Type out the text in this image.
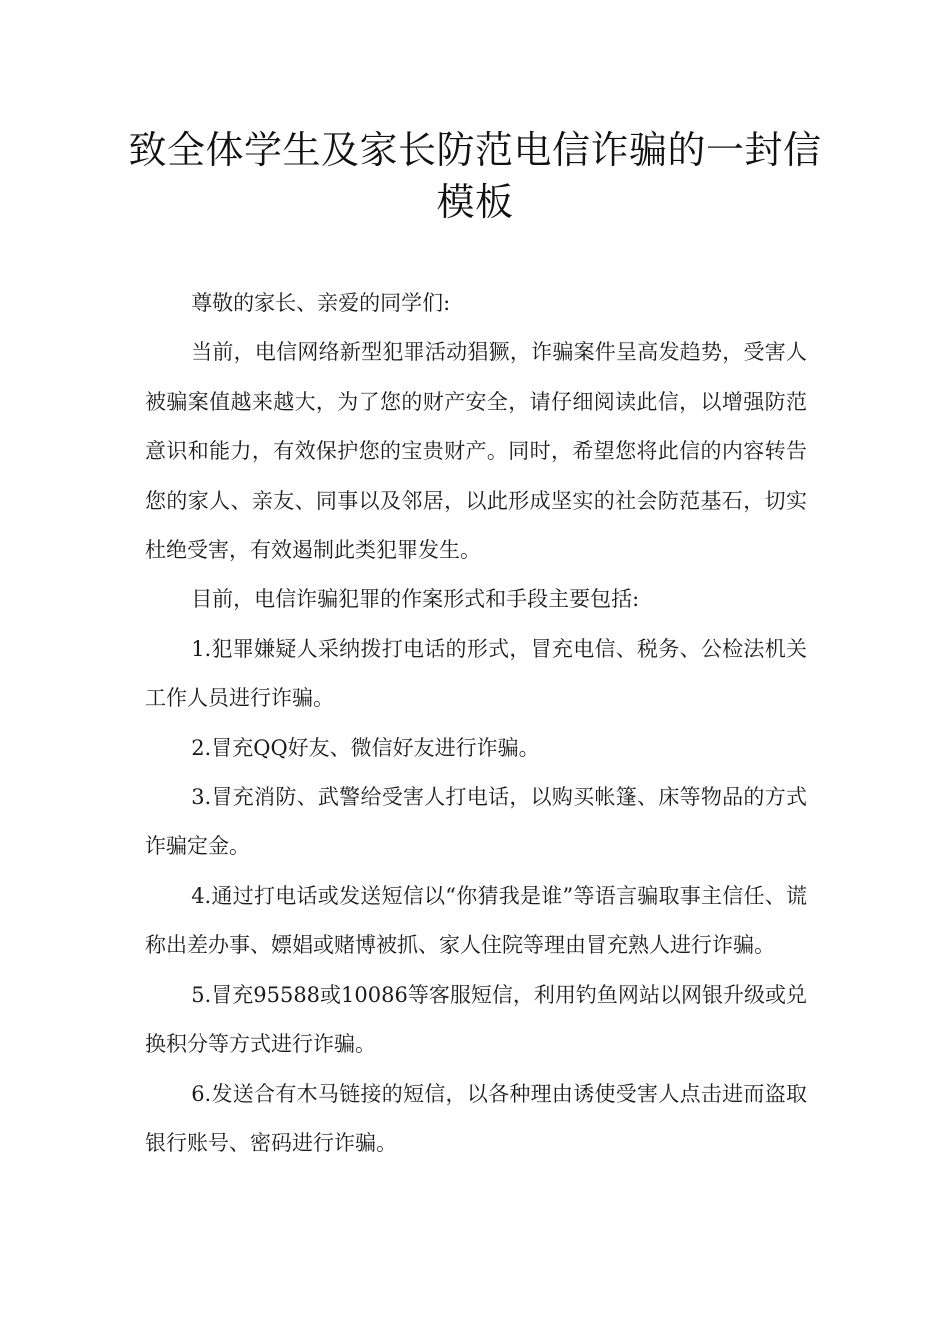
致全体学生及家长防范电信诈骗的一封信模板

尊敬的家长、亲爱的同学们:

当前，电信网络新型犯罪活动猖獗，诈骗案件呈高发趋势，受害人被骗案值越来越大，为了您的财产安全，请仔细阅读此信，以增强防范意识和能力，有效保护您的宝贵财产。同时，希望您将此信的内容转告您的家人、亲友、同事以及邻居，以此形成坚实的社会防范基石，切实杜绝受害，有效遏制此类犯罪发生。

目前，电信诈骗犯罪的作案形式和手段主要包括:

1.犯罪嫌疑人采纳拨打电话的形式，冒充电信、税务、公检法机关工作人员进行诈骗。

2.冒充QQ好友、微信好友进行诈骗。

3.冒充消防、武警给受害人打电话，以购买帐篷、床等物品的方式诈骗定金。

4.通过打电话或发送短信以“你猜我是谁”等语言骗取事主信任、谎称出差办事、嫖娼或赌博被抓、家人住院等理由冒充熟人进行诈骗。

5.冒充95588或10086等客服短信，利用钓鱼网站以网银升级或兑换积分等方式进行诈骗。

6.发送合有木马链接的短信，以各种理由诱使受害人点击进而盗取银行账号、密码进行诈骗。
